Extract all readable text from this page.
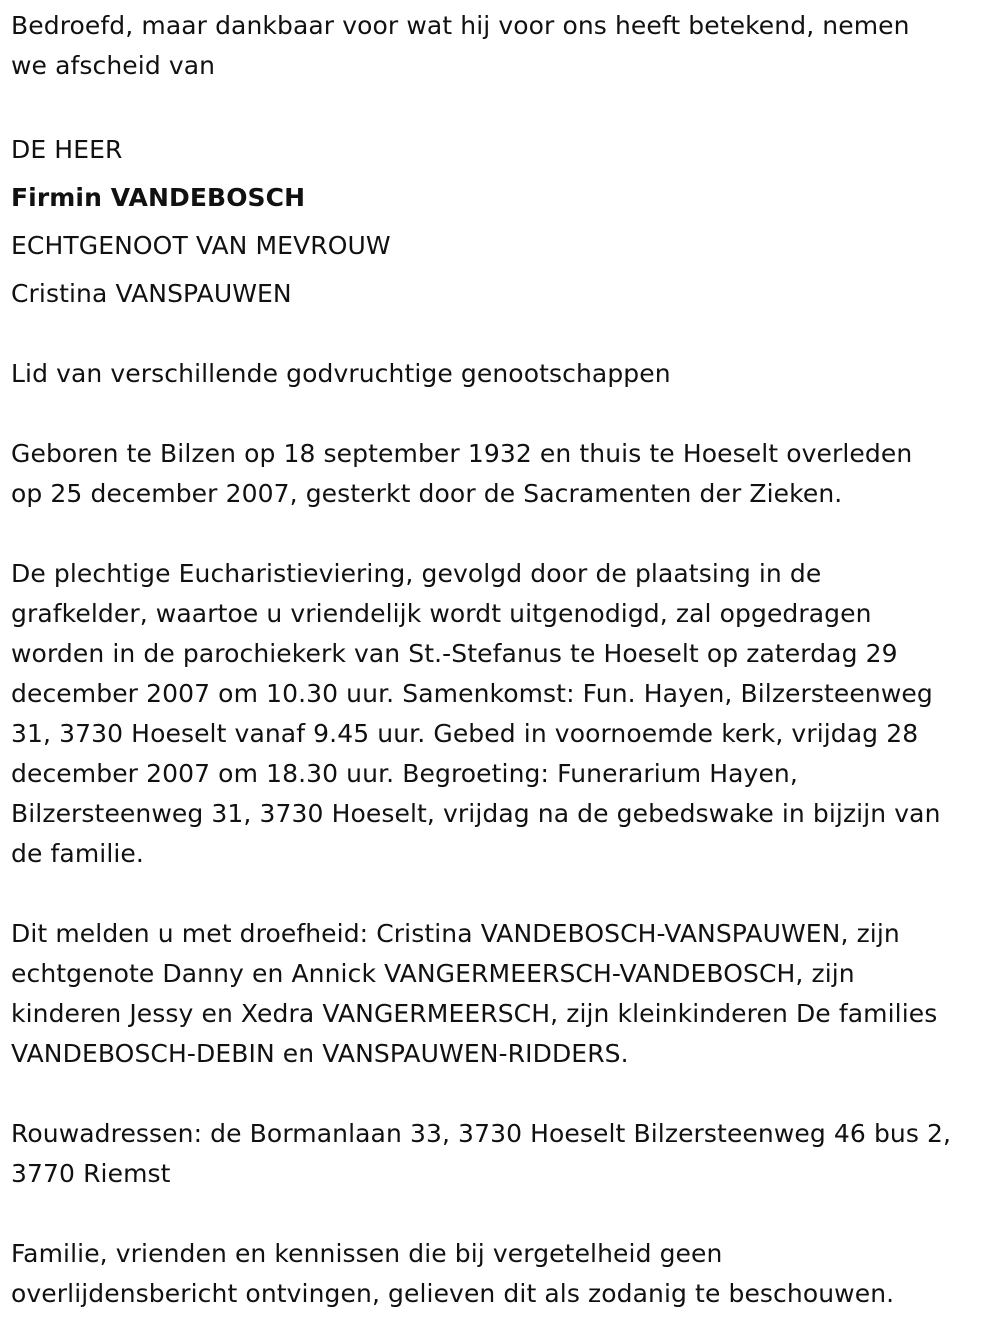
Bedroefd, maar dankbaar voor wat hij voor ons heeft betekend, nemen

we afscheid van

DE HEER

Firmin VANDEBOSCH

ECHTGENOOT VAN MEVROUW

Cristina VANSPAUWEN

Lid van verschillende godvruchtige genootschappen

Geboren te Bilzen op 18 september 1932 en thuis te Hoeselt overleden

op 25 december 2007, gesterkt door de Sacramenten der Zieken.

De plechtige Eucharistieviering, gevolgd door de plaatsing in de

grafkelder, waartoe u vriendelijk wordt uitgenodigd, zal opgedragen

worden in de parochiekerk van St.-Stefanus te Hoeselt op zaterdag 29

december 2007 om 10.30 uur. Samenkomst: Fun. Hayen, Bilzersteenweg

31, 3730 Hoeselt vanaf 9.45 uur. Gebed in voornoemde kerk, vrijdag 28

december 2007 om 18.30 uur. Begroeting: Funerarium Hayen,

Bilzersteenweg 31, 3730 Hoeselt, vrijdag na de gebedswake in bijzijn van

de familie.

Dit melden u met droefheid: Cristina VANDEBOSCH-VANSPAUWEN, zijn

echtgenote Danny en Annick VANGERMEERSCH-VANDEBOSCH, zijn

kinderen Jessy en Xedra VANGERMEERSCH, zijn kleinkinderen De families

VANDEBOSCH-DEBIN en VANSPAUWEN-RIDDERS.

Rouwadressen: de Bormanlaan 33, 3730 Hoeselt Bilzersteenweg 46 bus 2,

3770 Riemst

Familie, vrienden en kennissen die bij vergetelheid geen

overlijdensbericht ontvingen, gelieven dit als zodanig te beschouwen.
